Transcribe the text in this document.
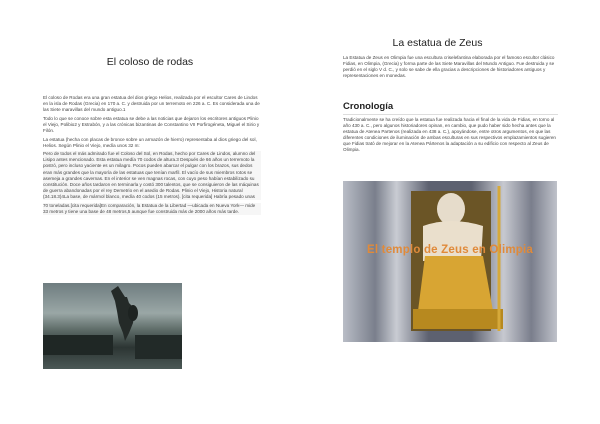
El coloso de rodas

El coloso de Rodas era una gran estatua del dios griego Helios, realizada por el escultor Cares de Lindos en la isla de Rodas (Grecia) en 170 a. C. y destruida por un terremoto en 226 a. C. Es considerada una de las Siete maravillas del mundo antiguo.1

Todo lo que se conoce sobre esta estatua se debe a las noticias que dejaron los escritores antiguos Plinio el Viejo, Polibio2 y Estrabón, y a las crónicas bizantinas de Constantino VII Porfirogéneta, Miguel el Sirio y Filón.

La estatua (hecha con placas de bronce sobre un armazón de hierro) representaba al dios griego del sol, Helios. Según Plinio el Viejo, medía unos 32 m:

Pero de todos el más admirado fue el Coloso del Sol, en Rodas, hecho por Cares de Lindos, alumno del Lisipo antes mencionado. Esta estatua medía 70 codos de altura.3 Después de 66 años un terremoto la postró, pero incluso yaciente es un milagro. Pocos pueden abarcar el pulgar con los brazos, sus dedos eran más grandes que la mayoría de las estatuas que tenían marfil. El vacío de sus miembros rotos se asemeja a grandes cavernas. En el interior se ven magnas rocas, con cuyo peso habían estabilizado su constitución. Doce años tardaron en terminarla y costó 300 talentos, que se consiguieron de las máquinas de guerra abandonadas por el rey Demetrio en el asedio de Rodas. Plinio el Viejo, Historia natural (34.18.3)4La base, de mármol blanco, medía 40 codos (15 metros). [cita requerida] Habría pesado unas

70 toneladas.[cita requerida]En comparación, la Estatua de la Libertad —ubicada en Nueva York— mide 33 metros y tiene una base de 48 metros,5 aunque fue construida más de 2000 años más tarde.

La estatua de Zeus
La Estatua de Zeus en Olimpia fue una escultura criselefantina elaborada por el famoso escultor clásico Fidias, en Olimpia, (Grecia) y forma parte de las Siete Maravillas del Mundo Antiguo. Fue destruida y se perdió en el siglo V d. C., y solo se sabe de ella gracias a descripciones de historiadores antiguos y representaciones en monedas.
Cronología
Tradicionalmente se ha creído que la estatua fue realizada hacia el final de la vida de Fidias, en torno al año 430 a. C., pero algunos historiadores opinan, en cambio, que pudo haber sido hecha antes que la estatua de Atenea Partenos (realizada en 438 a. C.), apoyándose, entre otros argumentos, en que las diferentes condiciones de iluminación de ambas esculturas en sus respectivos emplazamientos sugieren que Fidias trató de mejorar en la Atenea Pártenos la adaptación a su edificio con respecto al Zeus de Olimpia.
El templo de Zeus en Olimpia
